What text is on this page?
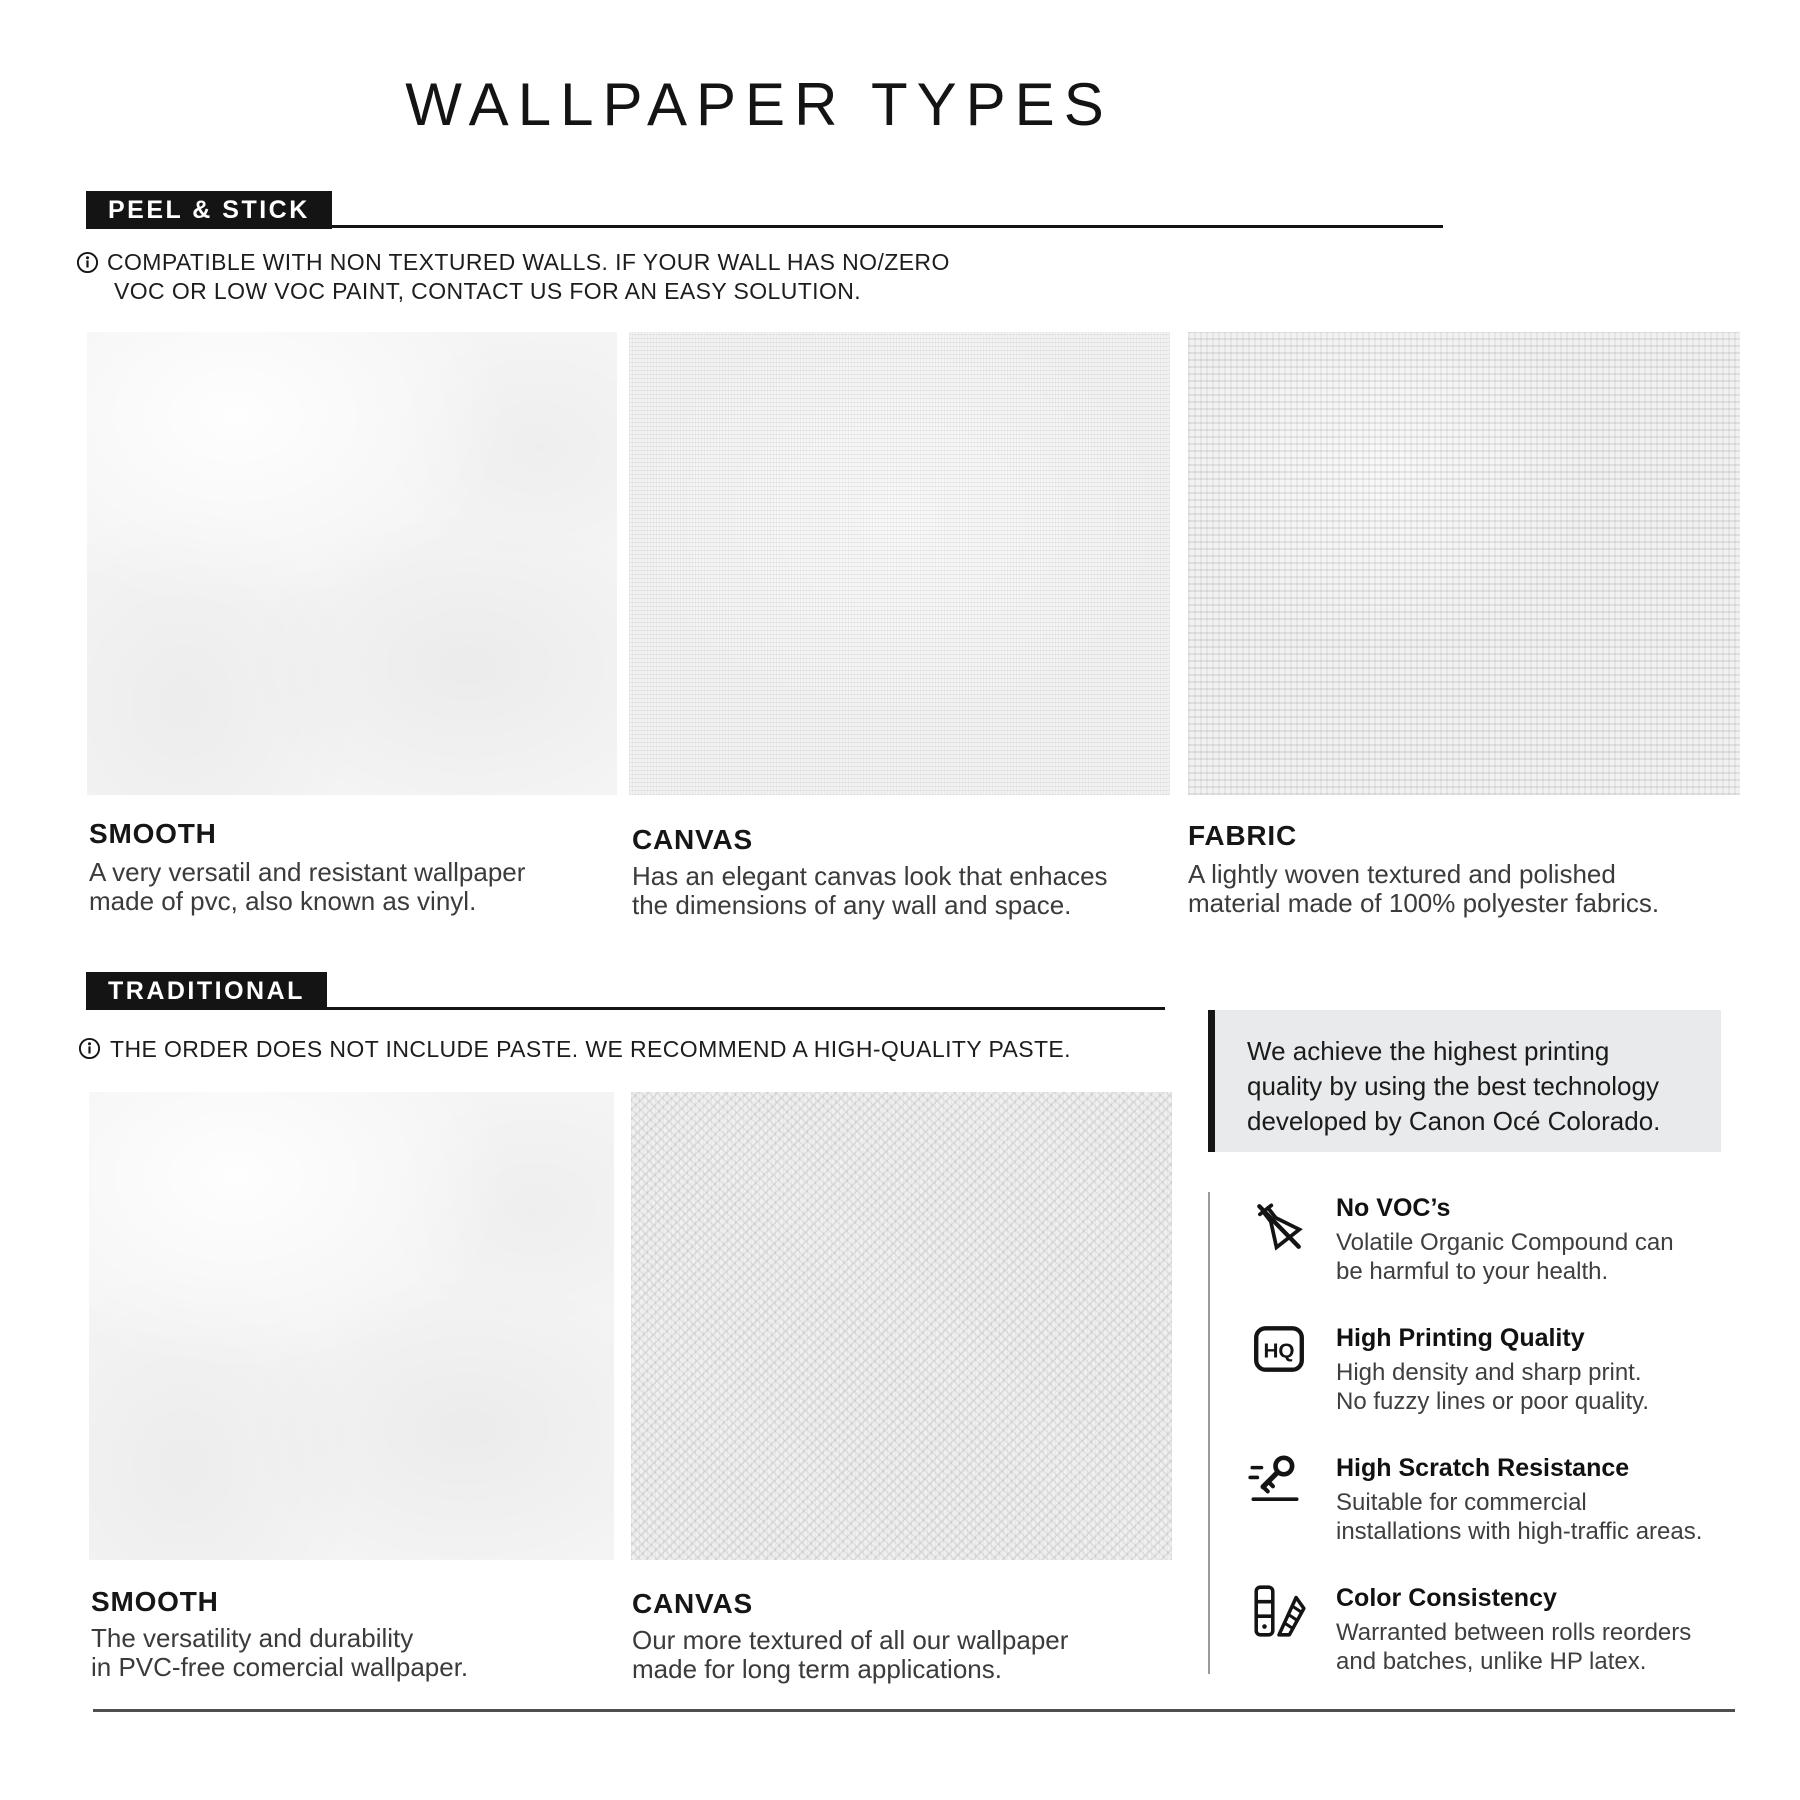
WALLPAPER TYPES
PEEL & STICK
COMPATIBLE WITH NON TEXTURED WALLS. IF YOUR WALL HAS NO/ZERO
VOC OR LOW VOC PAINT, CONTACT US FOR AN EASY SOLUTION.
SMOOTH
A very versatil and resistant wallpaper
made of pvc, also known as vinyl.
CANVAS
Has an elegant canvas look that enhaces
the dimensions of any wall and space.
FABRIC
A lightly woven textured and polished
material made of 100% polyester fabrics.
TRADITIONAL
THE ORDER DOES NOT INCLUDE PASTE. WE RECOMMEND A HIGH-QUALITY PASTE.
SMOOTH
The versatility and durability
in PVC-free comercial wallpaper.
CANVAS
Our more textured of all our wallpaper
made for long term applications.
We achieve the highest printing
quality by using the best technology
developed by Canon Océ Colorado.
No VOC’s
Volatile Organic Compound can
be harmful to your health.
HQ High Printing Quality
High density and sharp print.
No fuzzy lines or poor quality.
High Scratch Resistance
Suitable for commercial
installations with high-traffic areas.
Color Consistency
Warranted between rolls reorders
and batches, unlike HP latex.
